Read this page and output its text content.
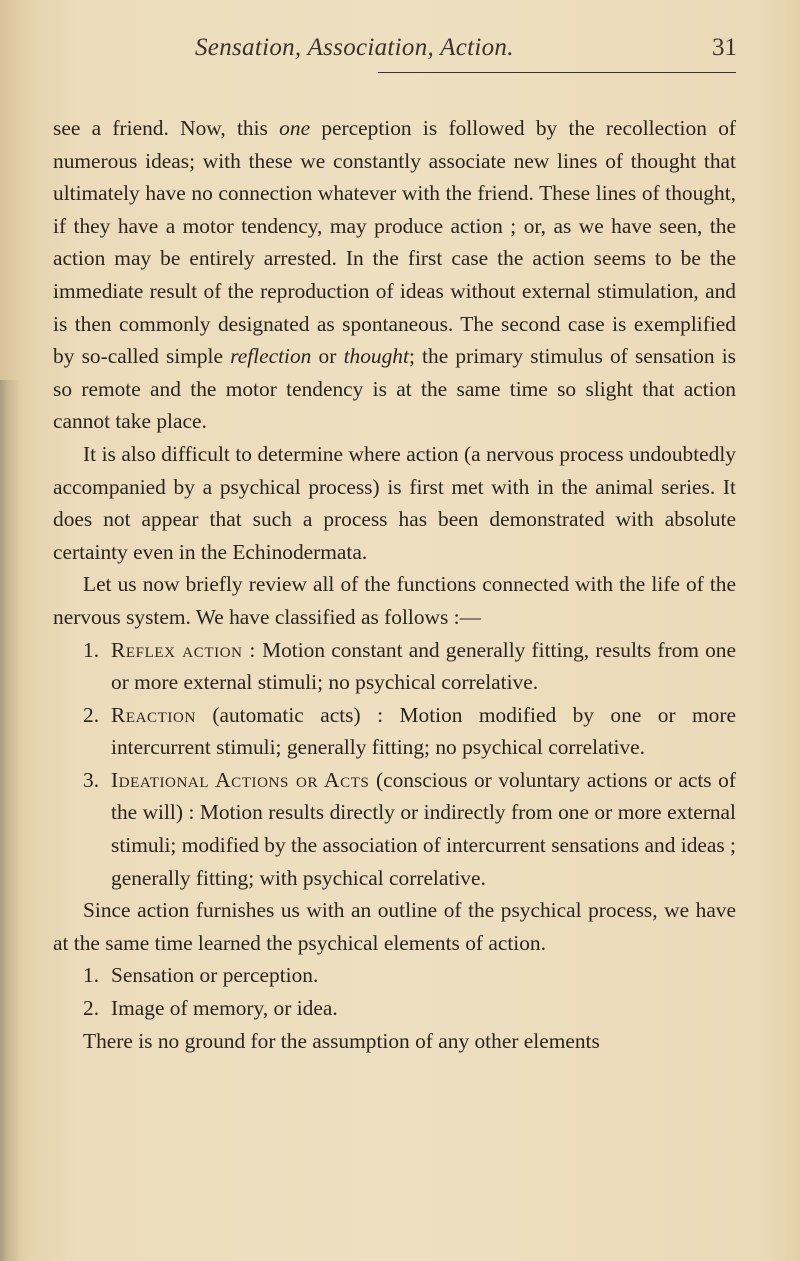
Sensation, Association, Action.	31

see a friend. Now, this one perception is followed by the recollection of numerous ideas; with these we constantly associate new lines of thought that ultimately have no connection whatever with the friend. These lines of thought, if they have a motor tendency, may produce action ; or, as we have seen, the action may be entirely arrested. In the first case the action seems to be the immediate result of the reproduction of ideas without external stimulation, and is then commonly designated as spontaneous. The second case is exemplified by so-called simple reflection or thought; the primary stimulus of sensation is so remote and the motor tendency is at the same time so slight that action cannot take place.

It is also difficult to determine where action (a nervous process undoubtedly accompanied by a psychical process) is first met with in the animal series. It does not appear that such a process has been demonstrated with absolute certainty even in the Echinodermata.

Let us now briefly review all of the functions connected with the life of the nervous system. We have classified as follows :—

1. Reflex action : Motion constant and generally fitting, results from one or more external stimuli; no psychical correlative.
2. Reaction (automatic acts) : Motion modified by one or more intercurrent stimuli; generally fitting; no psychical correlative.
3. Ideational Actions or Acts (conscious or voluntary actions or acts of the will) : Motion results directly or indirectly from one or more external stimuli; modified by the association of intercurrent sensations and ideas ; generally fitting; with psychical correlative.

Since action furnishes us with an outline of the psychical process, we have at the same time learned the psychical elements of action.

1. Sensation or perception.
2. Image of memory, or idea.

There is no ground for the assumption of any other elements
